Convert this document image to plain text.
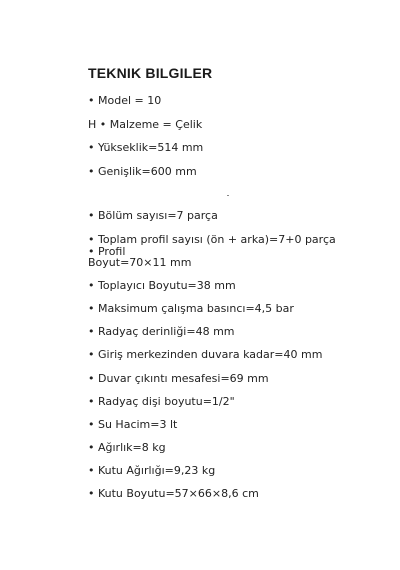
TEKNIK BILGILER
• Model = 10
H • Malzeme = Çelik
• Yükseklik=514 mm
• Genişlik=600 mm
• Bölüm sayısı=7 parça
• Toplam profil sayısı (ön + arka)=7+0 parça
• Profil
Boyut=70×11 mm
• Toplayıcı Boyutu=38 mm
• Maksimum çalışma basıncı=4,5 bar
• Radyaç derinliği=48 mm
• Giriş merkezinden duvara kadar=40 mm
• Duvar çıkıntı mesafesi=69 mm
• Radyaç dişi boyutu=1/2"
• Su Hacim=3 lt
• Ağırlık=8 kg
• Kutu Ağırlığı=9,23 kg
• Kutu Boyutu=57×66×8,6 cm
